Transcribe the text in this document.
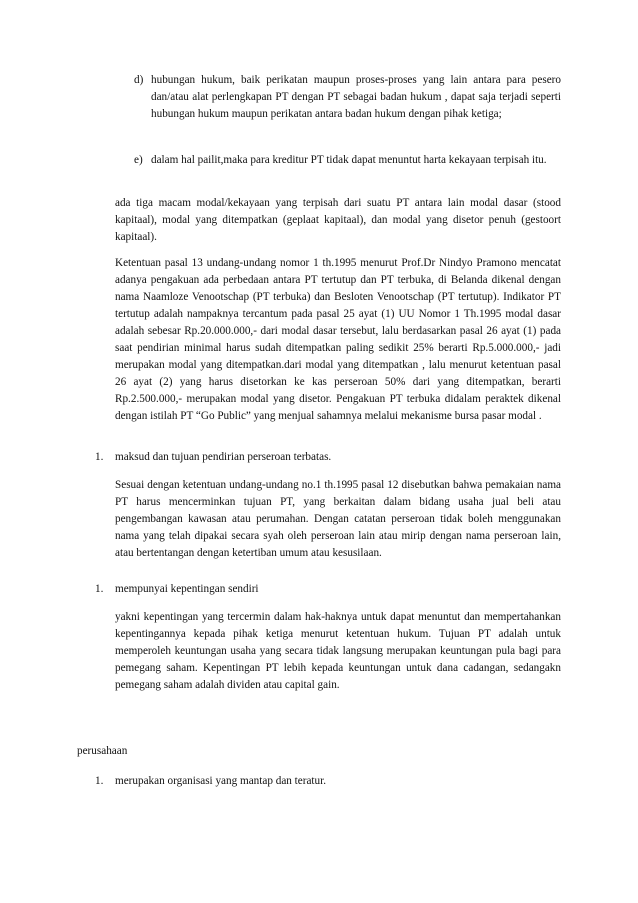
d) hubungan hukum, baik perikatan maupun proses-proses yang lain antara para pesero dan/atau alat perlengkapan PT dengan PT sebagai badan hukum , dapat saja terjadi seperti hubungan hukum maupun perikatan antara badan hukum dengan pihak ketiga;
e) dalam hal pailit,maka para kreditur PT tidak dapat menuntut harta kekayaan terpisah itu.

ada tiga macam modal/kekayaan yang terpisah dari suatu PT antara lain modal dasar (stood kapitaal), modal yang ditempatkan (geplaat kapitaal), dan modal yang disetor penuh (gestoort kapitaal).

Ketentuan pasal 13 undang-undang nomor 1 th.1995 menurut Prof.Dr Nindyo Pramono mencatat adanya pengakuan ada perbedaan antara PT tertutup dan PT terbuka, di Belanda dikenal dengan nama Naamloze Venootschap (PT terbuka) dan Besloten Venootschap (PT tertutup). Indikator PT tertutup adalah nampaknya tercantum pada pasal 25 ayat (1) UU Nomor 1 Th.1995 modal dasar adalah sebesar Rp.20.000.000,- dari modal dasar tersebut, lalu berdasarkan pasal 26 ayat (1) pada saat pendirian minimal harus sudah ditempatkan paling sedikit 25% berarti Rp.5.000.000,- jadi merupakan modal yang ditempatkan.dari modal yang ditempatkan , lalu menurut ketentuan pasal 26 ayat (2) yang harus disetorkan ke kas perseroan 50% dari yang ditempatkan, berarti Rp.2.500.000,- merupakan modal yang disetor. Pengakuan PT terbuka didalam peraktek dikenal dengan istilah PT “Go Public” yang menjual sahamnya melalui mekanisme bursa pasar modal .

1. maksud dan tujuan pendirian perseroan terbatas.

Sesuai dengan ketentuan undang-undang no.1 th.1995 pasal 12 disebutkan bahwa pemakaian nama PT harus mencerminkan tujuan PT, yang berkaitan dalam bidang usaha jual beli atau pengembangan kawasan atau perumahan. Dengan catatan perseroan tidak boleh menggunakan nama yang telah dipakai secara syah oleh perseroan lain atau mirip dengan nama perseroan lain, atau bertentangan dengan ketertiban umum atau kesusilaan.

1. mempunyai kepentingan sendiri

yakni kepentingan yang tercermin dalam hak-haknya untuk dapat menuntut dan mempertahankan kepentingannya kepada pihak ketiga menurut ketentuan hukum. Tujuan PT adalah untuk memperoleh keuntungan usaha yang secara tidak langsung merupakan keuntungan pula bagi para pemegang saham. Kepentingan PT lebih kepada keuntungan untuk dana cadangan, sedangakn pemegang saham adalah dividen atau capital gain.

perusahaan

1. merupakan organisasi yang mantap dan teratur.
